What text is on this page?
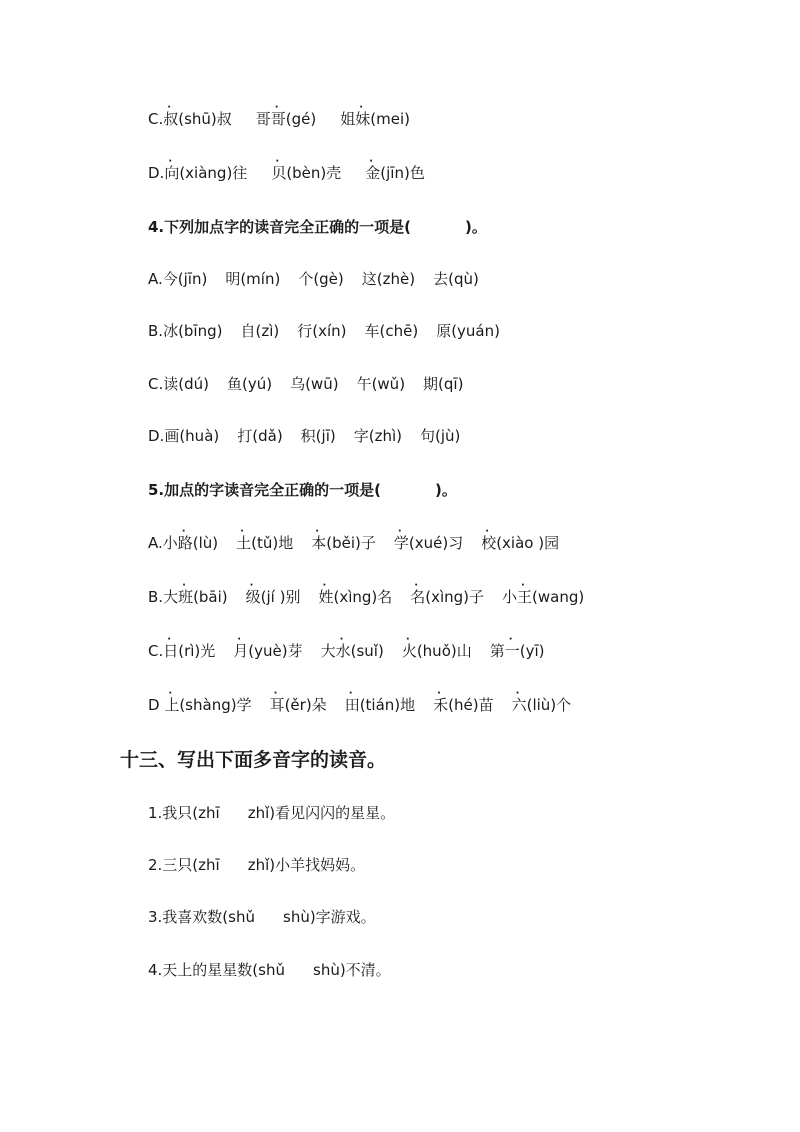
C.
·
叔(shū)叔
·
哥哥(gé)
·
姐妹(mei)
D.
·
向(xiàng)往
·
贝(bèn)壳
·
金(jīn)色
4.下列加点字的读音完全正确的一项是(	)。
A.今(jīn) 明(mín) 个(gè) 这(zhè) 去(qù)
B.冰(bīng) 自(zì) 行(xín) 车(chē) 原(yuán)
C.读(dú) 鱼(yú) 乌(wū) 午(wǔ) 期(qī)
D.画(huà) 打(dǎ) 积(jī) 字(zhì) 句(jù)
5.加点的字读音完全正确的一项是(	)。
A.
·
小路(lù)
·
土(tǔ)地
·
本(běi)子
·
学(xué)习
·
校(xiào )园
B.
·
大班(bāi)
·
级(jí )别
·
姓(xìng)名
·
名(xìng)子
·
小王(wang)
C.
·
日(rì)光
·
月(yuè)芽
·
大水(suǐ)
·
火(huǒ)山
·
第一(yī)
D
·
上(shàng)学
·
耳(ěr)朵
·
田(tián)地
·
禾(hé)苗
·
六(liù)个
十三、写出下面多音字的读音。
1.我只(zhī zhǐ)看见闪闪的星星。
2.三只(zhī zhǐ)小羊找妈妈。
3.我喜欢数(shǔ shù)字游戏。
4.天上的星星数(shǔ shù)不清。
